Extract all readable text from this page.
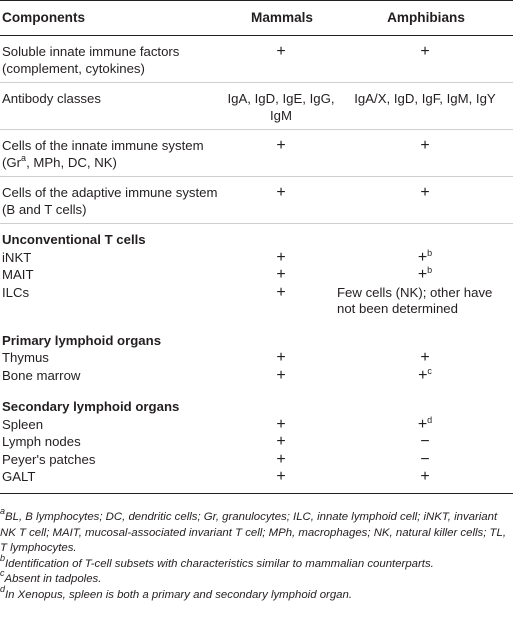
Components	Mammals	Amphibians
Soluble innate immune factors (complement, cytokines)	+	+
Antibody classes	IgA, IgD, IgE, IgG, IgM	IgA/X, IgD, IgF, IgM, IgY
Cells of the innate immune system (Gr$^a$, MPh, DC, NK)	+	+
Cells of the adaptive immune system (B and T cells)	+	+
Unconventional T cells		
iNKT	+	+$^b$
MAIT	+	+$^b$
ILCs	+	Few cells (NK); other have not been determined
Primary lymphoid organs		
Thymus	+	+
Bone marrow	+	+$^c$
Secondary lymphoid organs		
Spleen	+	+$^d$
Lymph nodes	+	−
Peyer's patches	+	−
GALT	+	+

$^a$BL, B lymphocytes; DC, dendritic cells; Gr, granulocytes; ILC, innate lymphoid cell; iNKT, invariant NK T cell; MAIT, mucosal-associated invariant T cell; MPh, macrophages; NK, natural killer cells; TL, T lymphocytes.

$^b$Identification of T-cell subsets with characteristics similar to mammalian counterparts.

$^c$Absent in tadpoles.

$^d$In Xenopus, spleen is both a primary and secondary lymphoid organ.
